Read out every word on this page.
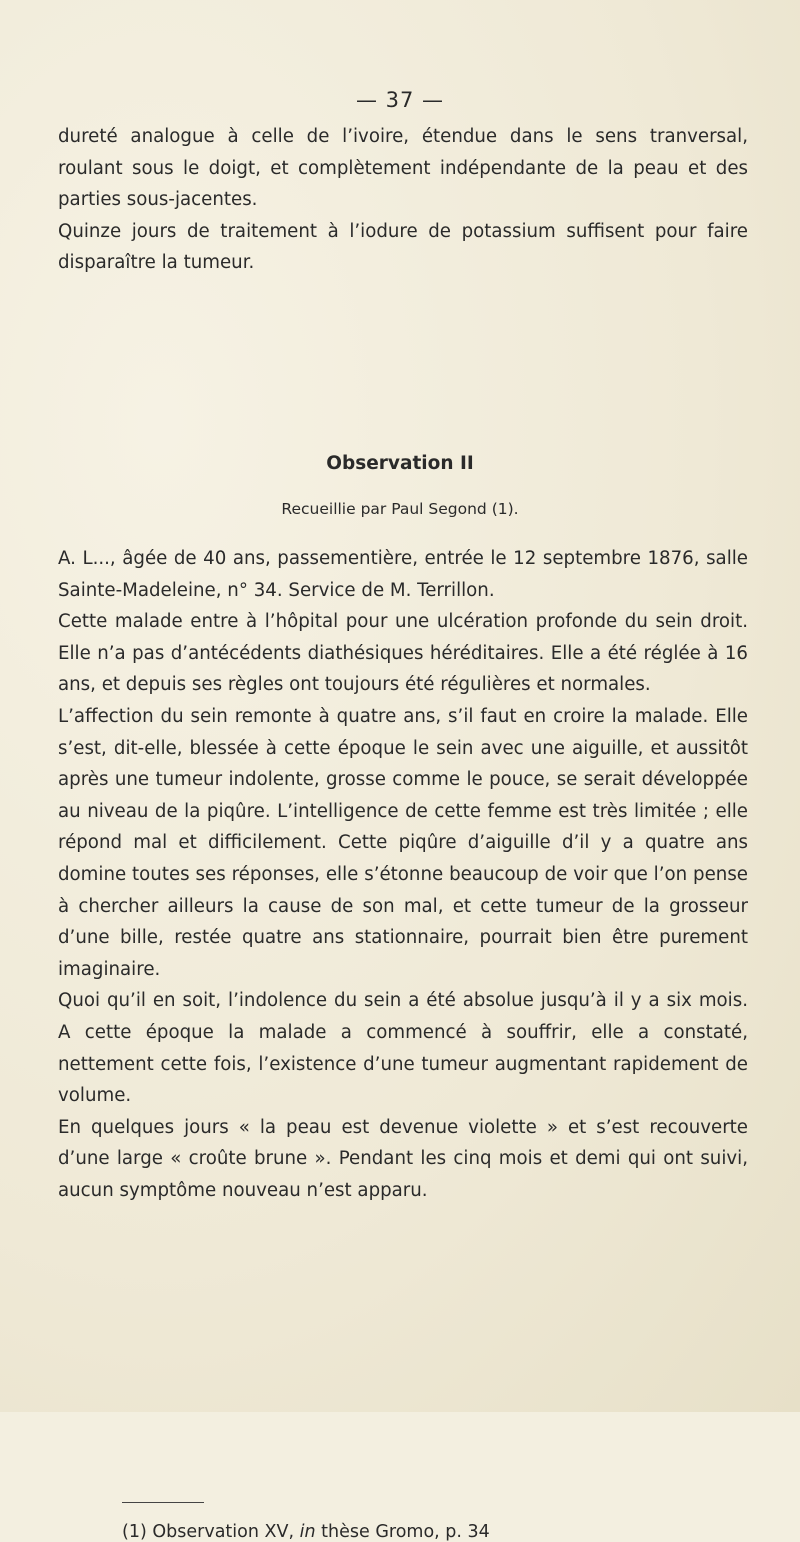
— 37 —

dureté analogue à celle de l’ivoire, étendue dans le sens tranversal, roulant sous le doigt, et complètement indépendante de la peau et des parties sous-jacentes.

Quinze jours de traitement à l’iodure de potassium suffisent pour faire disparaître la tumeur.

Observation II
Recueillie par Paul Segond (1).

A. L..., âgée de 40 ans, passementière, entrée le 12 septembre 1876, salle Sainte-Madeleine, n° 34. Service de M. Terrillon.

Cette malade entre à l’hôpital pour une ulcération profonde du sein droit. Elle n’a pas d’antécédents diathésiques héréditaires. Elle a été réglée à 16 ans, et depuis ses règles ont toujours été régulières et normales.

L’affection du sein remonte à quatre ans, s’il faut en croire la malade. Elle s’est, dit-elle, blessée à cette époque le sein avec une aiguille, et aussitôt après une tumeur indolente, grosse comme le pouce, se serait développée au niveau de la piqûre. L’intelligence de cette femme est très limitée ; elle répond mal et difficilement. Cette piqûre d’aiguille d’il y a quatre ans domine toutes ses réponses, elle s’étonne beaucoup de voir que l’on pense à chercher ailleurs la cause de son mal, et cette tumeur de la grosseur d’une bille, restée quatre ans stationnaire, pourrait bien être purement imaginaire.

Quoi qu’il en soit, l’indolence du sein a été absolue jusqu’à il y a six mois. A cette époque la malade a commencé à souffrir, elle a constaté, nettement cette fois, l’existence d’une tumeur augmentant rapidement de volume.

En quelques jours « la peau est devenue violette » et s’est recouverte d’une large « croûte brune ». Pendant les cinq mois et demi qui ont suivi, aucun symptôme nouveau n’est apparu.

(1) Observation XV, in thèse Gromo, p. 34
